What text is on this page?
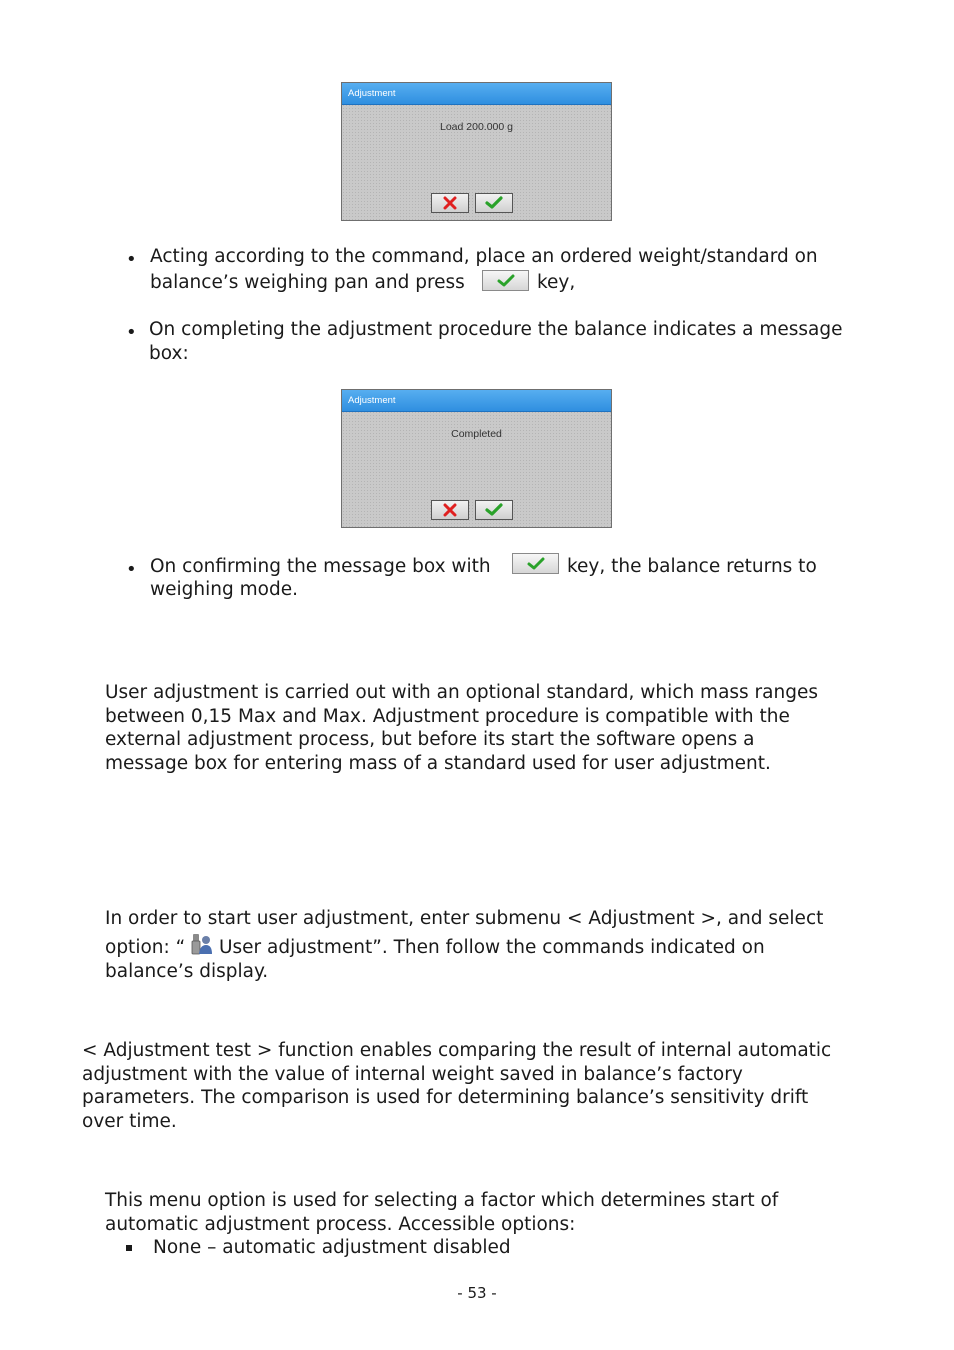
Adjustment
Load 200.000 g
• Acting according to the command, place an ordered weight/standard on

balance’s weighing pan and press	key,

• On completing the adjustment procedure the balance indicates a message

box:

Adjustment
Completed
• On confirming the message box with	key, the balance returns to

weighing mode.

User adjustment is carried out with an optional standard, which mass ranges

between 0,15 Max and Max. Adjustment procedure is compatible with the

external adjustment process, but before its start the software opens a

message box for entering mass of a standard used for user adjustment.

In order to start user adjustment, enter submenu < Adjustment >, and select

option: “ User adjustment”. Then follow the commands indicated on

balance’s display.

< Adjustment test > function enables comparing the result of internal automatic

adjustment with the value of internal weight saved in balance’s factory

parameters. The comparison is used for determining balance’s sensitivity drift

over time.

This menu option is used for selecting a factor which determines start of

automatic adjustment process. Accessible options:

None – automatic adjustment disabled

- 53 -
